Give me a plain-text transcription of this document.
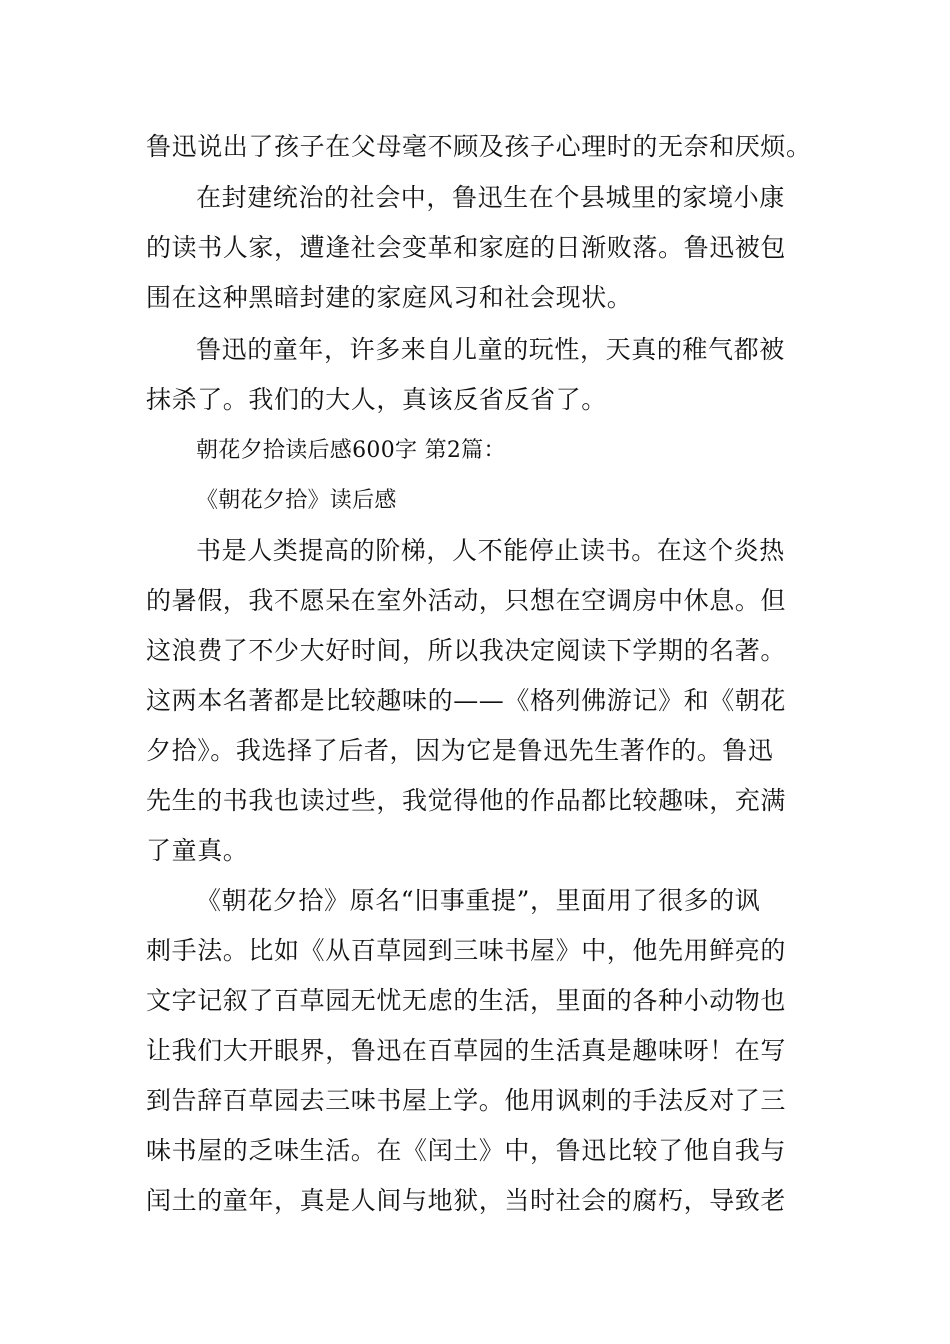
鲁迅说出了孩子在父母毫不顾及孩子心理时的无奈和厌烦。
在封建统治的社会中，鲁迅生在个县城里的家境小康
的读书人家，遭逢社会变革和家庭的日渐败落。鲁迅被包
围在这种黑暗封建的家庭风习和社会现状。
鲁迅的童年，许多来自儿童的玩性，天真的稚气都被
抹杀了。我们的大人，真该反省反省了。
朝花夕拾读后感600字 第2篇：
《朝花夕拾》读后感
书是人类提高的阶梯，人不能停止读书。在这个炎热
的暑假，我不愿呆在室外活动，只想在空调房中休息。但
这浪费了不少大好时间，所以我决定阅读下学期的名著。
这两本名著都是比较趣味的——《格列佛游记》和《朝花
夕拾》。我选择了后者，因为它是鲁迅先生著作的。鲁迅
先生的书我也读过些，我觉得他的作品都比较趣味，充满
了童真。
《朝花夕拾》原名“旧事重提”，里面用了很多的讽
刺手法。比如《从百草园到三味书屋》中，他先用鲜亮的
文字记叙了百草园无忧无虑的生活，里面的各种小动物也
让我们大开眼界，鲁迅在百草园的生活真是趣味呀！在写
到告辞百草园去三味书屋上学。他用讽刺的手法反对了三
味书屋的乏味生活。在《闰土》中，鲁迅比较了他自我与
闰土的童年，真是人间与地狱，当时社会的腐朽，导致老
